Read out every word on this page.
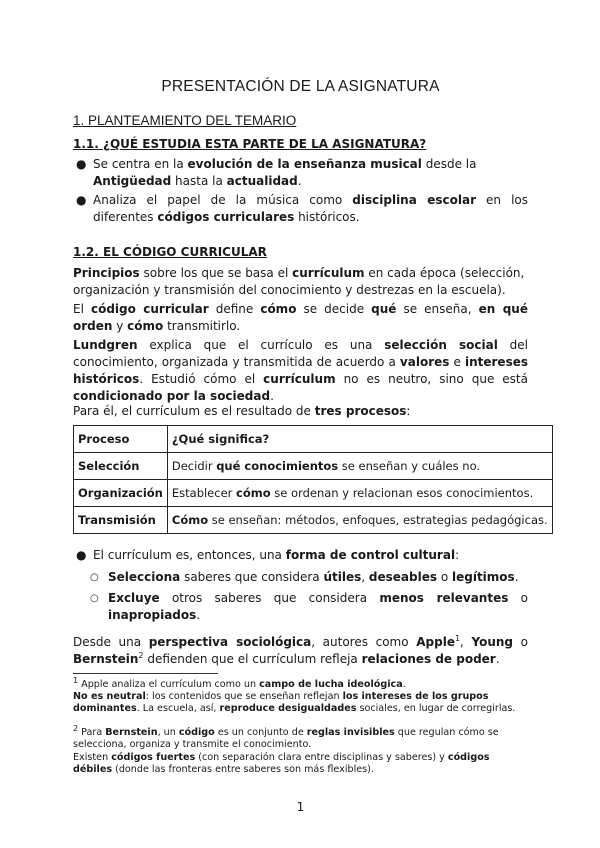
PRESENTACIÓN DE LA ASIGNATURA
1. PLANTEAMIENTO DEL TEMARIO
1.1. ¿QUÉ ESTUDIA ESTA PARTE DE LA ASIGNATURA?
● Se centra en la evolución de la enseñanza musical desde la Antigüedad hasta la actualidad.
● Analiza el papel de la música como disciplina escolar en los diferentes códigos curriculares históricos.
1.2. EL CÓDIGO CURRICULAR
Principios sobre los que se basa el currículum en cada época (selección, organización y transmisión del conocimiento y destrezas en la escuela).
El código curricular define cómo se decide qué se enseña, en qué orden y cómo transmitirlo.
Lundgren explica que el currículo es una selección social del conocimiento, organizada y transmitida de acuerdo a valores e intereses históricos. Estudió cómo el currículum no es neutro, sino que está condicionado por la sociedad.
Para él, el currículum es el resultado de tres procesos:
Proceso	¿Qué significa?
Selección	Decidir qué conocimientos se enseñan y cuáles no.
Organización	Establecer cómo se ordenan y relacionan esos conocimientos.
Transmisión	Cómo se enseñan: métodos, enfoques, estrategias pedagógicas.
● El currículum es, entonces, una forma de control cultural:
○ Selecciona saberes que considera útiles, deseables o legítimos.
○ Excluye otros saberes que considera menos relevantes o inapropiados.
Desde una perspectiva sociológica, autores como Apple$^1$, Young o Bernstein$^2$ defienden que el currículum refleja relaciones de poder.
$^1$ Apple analiza el currículum como un campo de lucha ideológica.
No es neutral: los contenidos que se enseñan reflejan los intereses de los grupos dominantes. La escuela, así, reproduce desigualdades sociales, en lugar de corregirlas.
$^2$ Para Bernstein, un código es un conjunto de reglas invisibles que regulan cómo se selecciona, organiza y transmite el conocimiento.
Existen códigos fuertes (con separación clara entre disciplinas y saberes) y códigos débiles (donde las fronteras entre saberes son más flexibles).
1
